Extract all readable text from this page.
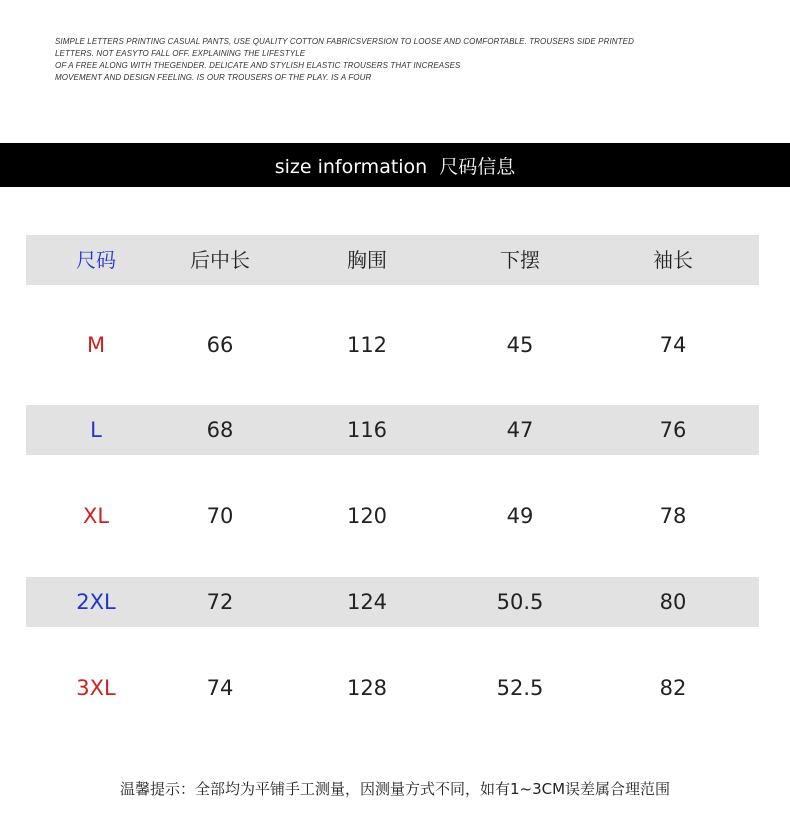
SIMPLE LETTERS PRINTING CASUAL PANTS, USE QUALITY COTTON FABRICSVERSION TO LOOSE AND COMFORTABLE. TROUSERS SIDE PRINTED
LETTERS. NOT EASYTO FALL OFF. EXPLAINING THE LIFESTYLE
OF A FREE ALONG WITH THEGENDER. DELICATE AND STYLISH ELASTIC TROUSERS THAT INCREASES
MOVEMENT AND DESIGN FEELING. IS OUR TROUSERS OF THE PLAY. IS A FOUR
size information  尺码信息
尺码	后中长	胸围	下摆	袖长
M	66	112	45	74
L	68	116	47	76
XL	70	120	49	78
2XL	72	124	50.5	80
3XL	74	128	52.5	82
温馨提示：全部均为平铺手工测量，因测量方式不同，如有1~3CM误差属合理范围
